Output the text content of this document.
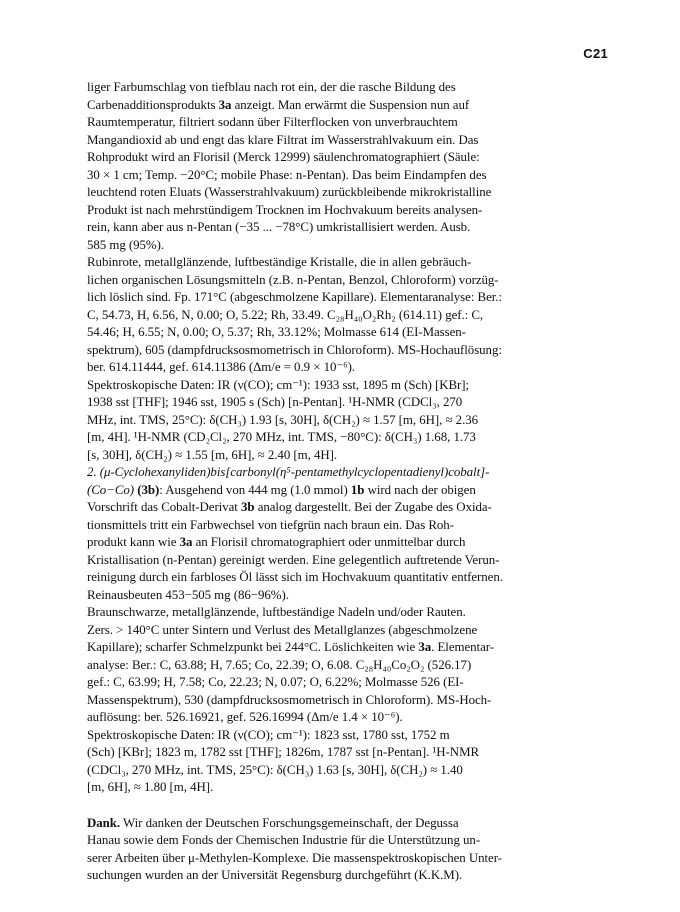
C21

liger Farbumschlag von tiefblau nach rot ein, der die rasche Bildung des
Carbenadditionsprodukts 3a anzeigt. Man erwärmt die Suspension nun auf
Raumtemperatur, filtriert sodann über Filterflocken von unverbrauchtem
Mangandioxid ab und engt das klare Filtrat im Wasserstrahlvakuum ein. Das
Rohprodukt wird an Florisil (Merck 12999) säulenchromatographiert (Säule:
30 × 1 cm; Temp. −20°C; mobile Phase: n-Pentan). Das beim Eindampfen des
leuchtend roten Eluats (Wasserstrahlvakuum) zurückbleibende mikrokristalline
Produkt ist nach mehrstündigem Trocknen im Hochvakuum bereits analysen-
rein, kann aber aus n-Pentan (−35 ... −78°C) umkristallisiert werden. Ausb.
585 mg (95%).

Rubinrote, metallglänzende, luftbeständige Kristalle, die in allen gebräuch-
lichen organischen Lösungsmitteln (z.B. n-Pentan, Benzol, Chloroform) vorzüg-
lich löslich sind. Fp. 171°C (abgeschmolzene Kapillare). Elementaranalyse: Ber.:
C, 54.73, H, 6.56, N, 0.00; O, 5.22; Rh, 33.49. C₂₈H₄₀O₂Rh₂ (614.11) gef.: C,
54.46; H, 6.55; N, 0.00; O, 5.37; Rh, 33.12%; Molmasse 614 (EI-Massen-
spektrum), 605 (dampfdrucksosmometrisch in Chloroform). MS-Hochauflösung:
ber. 614.11444, gef. 614.11386 (Δm/e = 0.9 × 10⁻⁶).

Spektroskopische Daten: IR (ν(CO); cm⁻¹): 1933 sst, 1895 m (Sch) [KBr];
1938 sst [THF]; 1946 sst, 1905 s (Sch) [n-Pentan]. ¹H-NMR (CDCl₃, 270
MHz, int. TMS, 25°C): δ(CH₃) 1.93 [s, 30H], δ(CH₂) ≈ 1.57 [m, 6H], ≈ 2.36
[m, 4H]. ¹H-NMR (CD₂Cl₂, 270 MHz, int. TMS, −80°C): δ(CH₃) 1.68, 1.73
[s, 30H], δ(CH₂) ≈ 1.55 [m, 6H], ≈ 2.40 [m, 4H].

2. (μ-Cyclohexanyliden)bis[carbonyl(η⁵-pentamethylcyclopentadienyl)cobalt]-
(Co−Co) (3b): Ausgehend von 444 mg (1.0 mmol) 1b wird nach der obigen
Vorschrift das Cobalt-Derivat 3b analog dargestellt. Bei der Zugabe des Oxida-
tionsmittels tritt ein Farbwechsel von tiefgrün nach braun ein. Das Roh-
produkt kann wie 3a an Florisil chromatographiert oder unmittelbar durch
Kristallisation (n-Pentan) gereinigt werden. Eine gelegentlich auftretende Verun-
reinigung durch ein farbloses Öl lässt sich im Hochvakuum quantitativ entfernen.
Reinausbeuten 453−505 mg (86−96%).

Braunschwarze, metallglänzende, luftbeständige Nadeln und/oder Rauten.
Zers. > 140°C unter Sintern und Verlust des Metallglanzes (abgeschmolzene
Kapillare); scharfer Schmelzpunkt bei 244°C. Löslichkeiten wie 3a. Elementar-
analyse: Ber.: C, 63.88; H, 7.65; Co, 22.39; O, 6.08. C₂₈H₄₀Co₂O₂ (526.17)
gef.: C, 63.99; H, 7.58; Co, 22.23; N, 0.07; O, 6.22%; Molmasse 526 (EI-
Massenspektrum), 530 (dampfdrucksosmometrisch in Chloroform). MS-Hoch-
auflösung: ber. 526.16921, gef. 526.16994 (Δm/e 1.4 × 10⁻⁶).

Spektroskopische Daten: IR (ν(CO); cm⁻¹): 1823 sst, 1780 sst, 1752 m
(Sch) [KBr]; 1823 m, 1782 sst [THF]; 1826m, 1787 sst [n-Pentan]. ¹H-NMR
(CDCl₃, 270 MHz, int. TMS, 25°C): δ(CH₃) 1.63 [s, 30H], δ(CH₂) ≈ 1.40
[m, 6H], ≈ 1.80 [m, 4H].

Dank. Wir danken der Deutschen Forschungsgemeinschaft, der Degussa
Hanau sowie dem Fonds der Chemischen Industrie für die Unterstützung un-
serer Arbeiten über μ-Methylen-Komplexe. Die massenspektroskopischen Unter-
suchungen wurden an der Universität Regensburg durchgeführt (K.K.M).
